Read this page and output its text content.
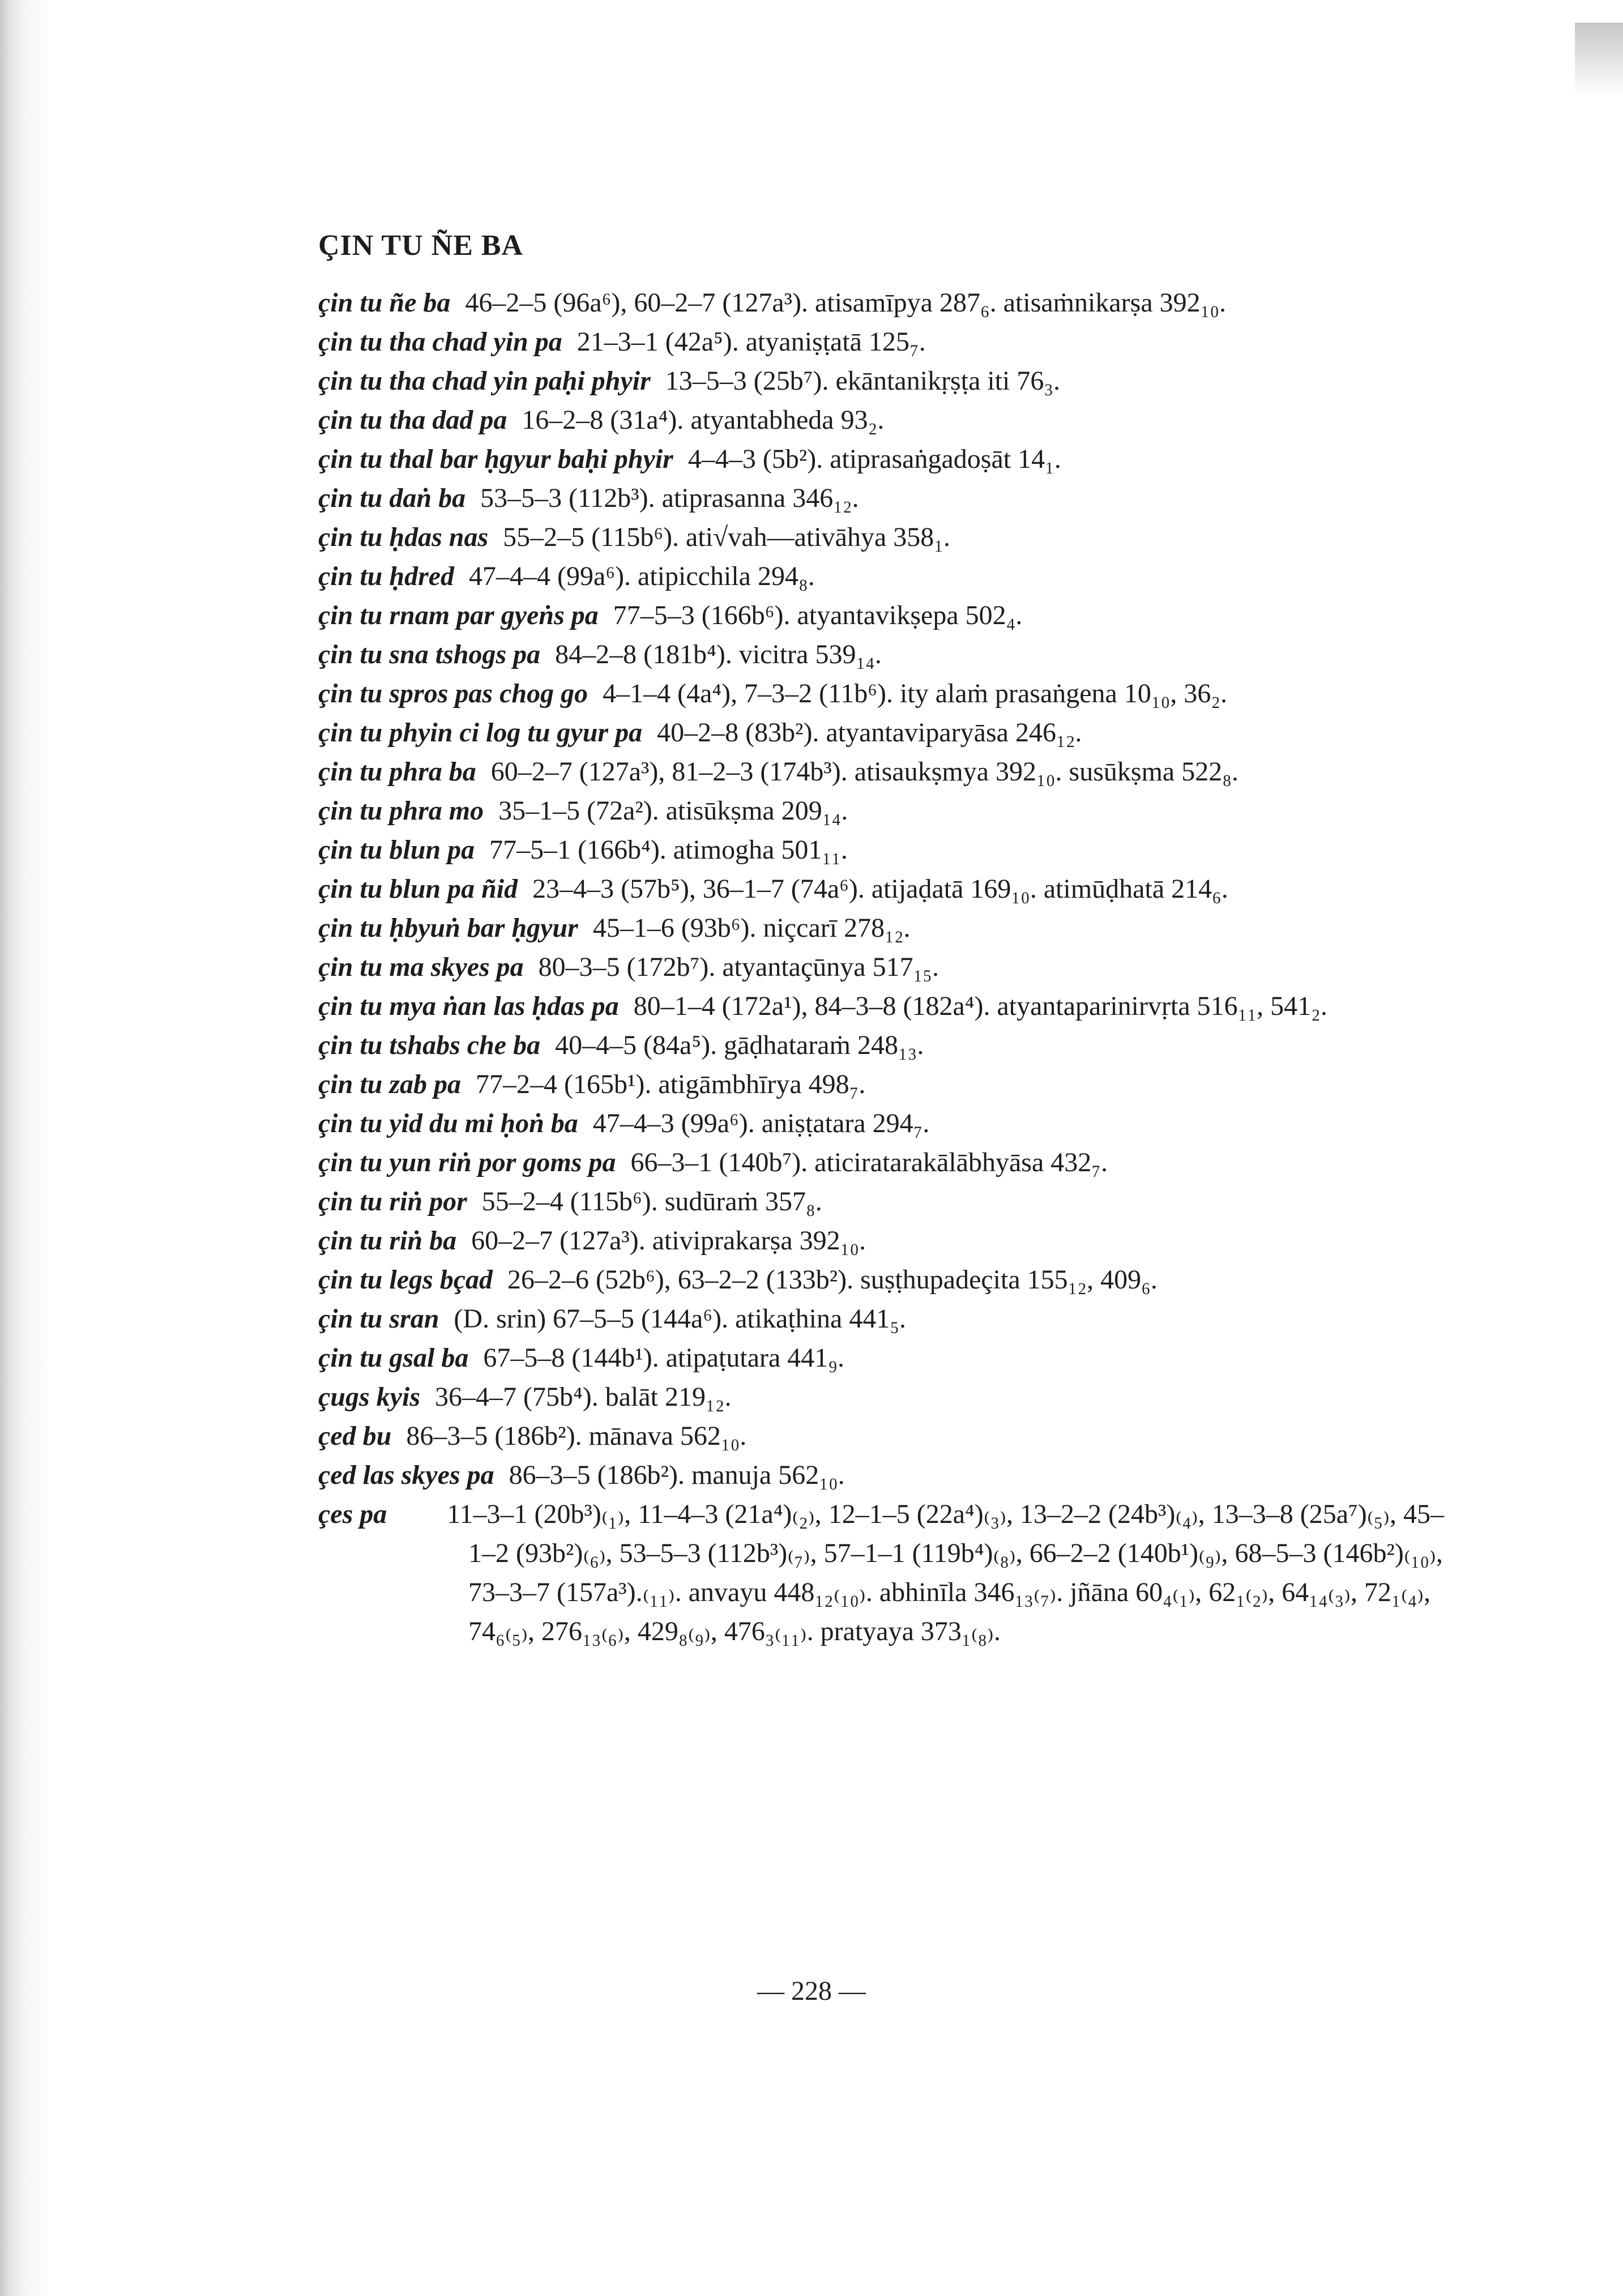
ÇIN TU ÑE BA
çin tu ñe ba 46–2–5 (96a⁶), 60–2–7 (127a³). atisamīpya 287₆. atisaṁnikarṣa 392₁₀.
çin tu tha chad yin pa 21–3–1 (42a⁵). atyaniṣṭatā 125₇.
çin tu tha chad yin paḥi phyir 13–5–3 (25b⁷). ekāntanikṛṣṭa iti 76₃.
çin tu tha dad pa 16–2–8 (31a⁴). atyantabheda 93₂.
çin tu thal bar ḥgyur baḥi phyir 4–4–3 (5b²). atiprasaṅgadoṣāt 14₁.
çin tu daṅ ba 53–5–3 (112b³). atiprasanna 346₁₂.
çin tu ḥdas nas 55–2–5 (115b⁶). ati√vah—ativāhya 358₁.
çin tu ḥdred 47–4–4 (99a⁶). atipicchila 294₈.
çin tu rnam par gyeṅs pa 77–5–3 (166b⁶). atyantavikṣepa 502₄.
çin tu sna tshogs pa 84–2–8 (181b⁴). vicitra 539₁₄.
çin tu spros pas chog go 4–1–4 (4a⁴), 7–3–2 (11b⁶). ity alaṁ prasaṅgena 10₁₀, 36₂.
çin tu phyin ci log tu gyur pa 40–2–8 (83b²). atyantaviparyāsa 246₁₂.
çin tu phra ba 60–2–7 (127a³), 81–2–3 (174b³). atisaukṣmya 392₁₀. susūkṣma 522₈.
çin tu phra mo 35–1–5 (72a²). atisūkṣma 209₁₄.
çin tu blun pa 77–5–1 (166b⁴). atimogha 501₁₁.
çin tu blun pa ñid 23–4–3 (57b⁵), 36–1–7 (74a⁶). atijaḍatā 169₁₀. atimūḍhatā 214₆.
çin tu ḥbyuṅ bar ḥgyur 45–1–6 (93b⁶). niçcarī 278₁₂.
çin tu ma skyes pa 80–3–5 (172b⁷). atyantaçūnya 517₁₅.
çin tu mya ṅan las ḥdas pa 80–1–4 (172a¹), 84–3–8 (182a⁴). atyantaparinirvṛta 516₁₁, 541₂.
çin tu tshabs che ba 40–4–5 (84a⁵). gāḍhataraṁ 248₁₃.
çin tu zab pa 77–2–4 (165b¹). atigāmbhīrya 498₇.
çin tu yid du mi ḥoṅ ba 47–4–3 (99a⁶). aniṣṭatara 294₇.
çin tu yun riṅ por goms pa 66–3–1 (140b⁷). aticiratarakālābhyāsa 432₇.
çin tu riṅ por 55–2–4 (115b⁶). sudūraṁ 357₈.
çin tu riṅ ba 60–2–7 (127a³). ativiprakarṣa 392₁₀.
çin tu legs bçad 26–2–6 (52b⁶), 63–2–2 (133b²). suṣṭhupadeçita 155₁₂, 409₆.
çin tu sran (D. srin) 67–5–5 (144a⁶). atikaṭhina 441₅.
çin tu gsal ba 67–5–8 (144b¹). atipaṭutara 441₉.
çugs kyis 36–4–7 (75b⁴). balāt 219₁₂.
çed bu 86–3–5 (186b²). mānava 562₁₀.
çed las skyes pa 86–3–5 (186b²). manuja 562₁₀.
çes pa 11–3–1 (20b³)₍₁₎, 11–4–3 (21a⁴)₍₂₎, 12–1–5 (22a⁴)₍₃₎, 13–2–2 (24b³)₍₄₎, 13–3–8 (25a⁷)₍₅₎, 45–1–2 (93b²)₍₆₎, 53–5–3 (112b³)₍₇₎, 57–1–1 (119b⁴)₍₈₎, 66–2–2 (140b¹)₍₉₎, 68–5–3 (146b²)₍₁₀₎, 73–3–7 (157a³).₍₁₁₎. anvayu 448₁₂₍₁₀₎. abhinīla 346₁₃₍₇₎. jñāna 60₄₍₁₎, 62₁₍₂₎, 64₁₄₍₃₎, 72₁₍₄₎, 74₆₍₅₎, 276₁₃₍₆₎, 429₈₍₉₎, 476₃₍₁₁₎. pratyaya 373₁₍₈₎.
— 228 —
